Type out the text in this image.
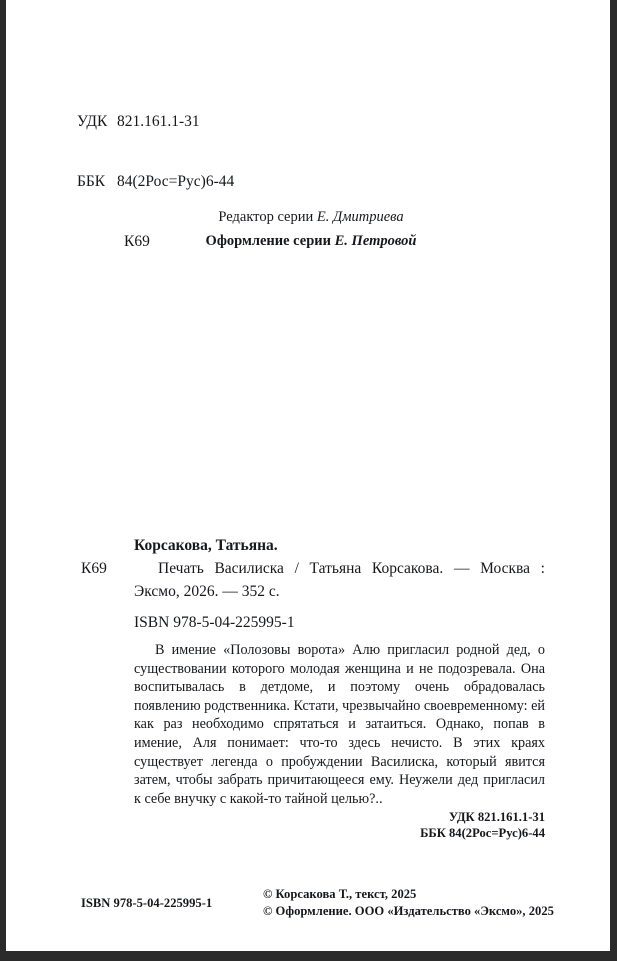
УДК 821.161.1-31

ББК 84(2Рос=Рус)6-44

К69

Редактор серии Е. Дмитриева
Оформление серии Е. Петровой
Корсакова, Татьяна.
К69	Печать Василиска / Татьяна Корсакова. — Москва : Эксмо, 2026. — 352 с.
ISBN 978-5-04-225995-1
В имение «Полозовы ворота» Алю пригласил родной дед, о существовании которого молодая женщина и не подозревала. Она воспитывалась в детдоме, и поэтому очень обрадовалась появлению родственника. Кстати, чрезвычайно своевременному: ей как раз необходимо спрятаться и затаиться. Однако, попав в имение, Аля понимает: что-то здесь нечисто. В этих краях существует легенда о пробуждении Василиска, который явится затем, чтобы забрать причитающееся ему. Неужели дед пригласил к себе внучку с какой-то тайной целью?..
УДК 821.161.1-31
ББК 84(2Рос=Рус)6-44
ISBN 978-5-04-225995-1
© Корсакова Т., текст, 2025
© Оформление. ООО «Издательство «Эксмо», 2025
